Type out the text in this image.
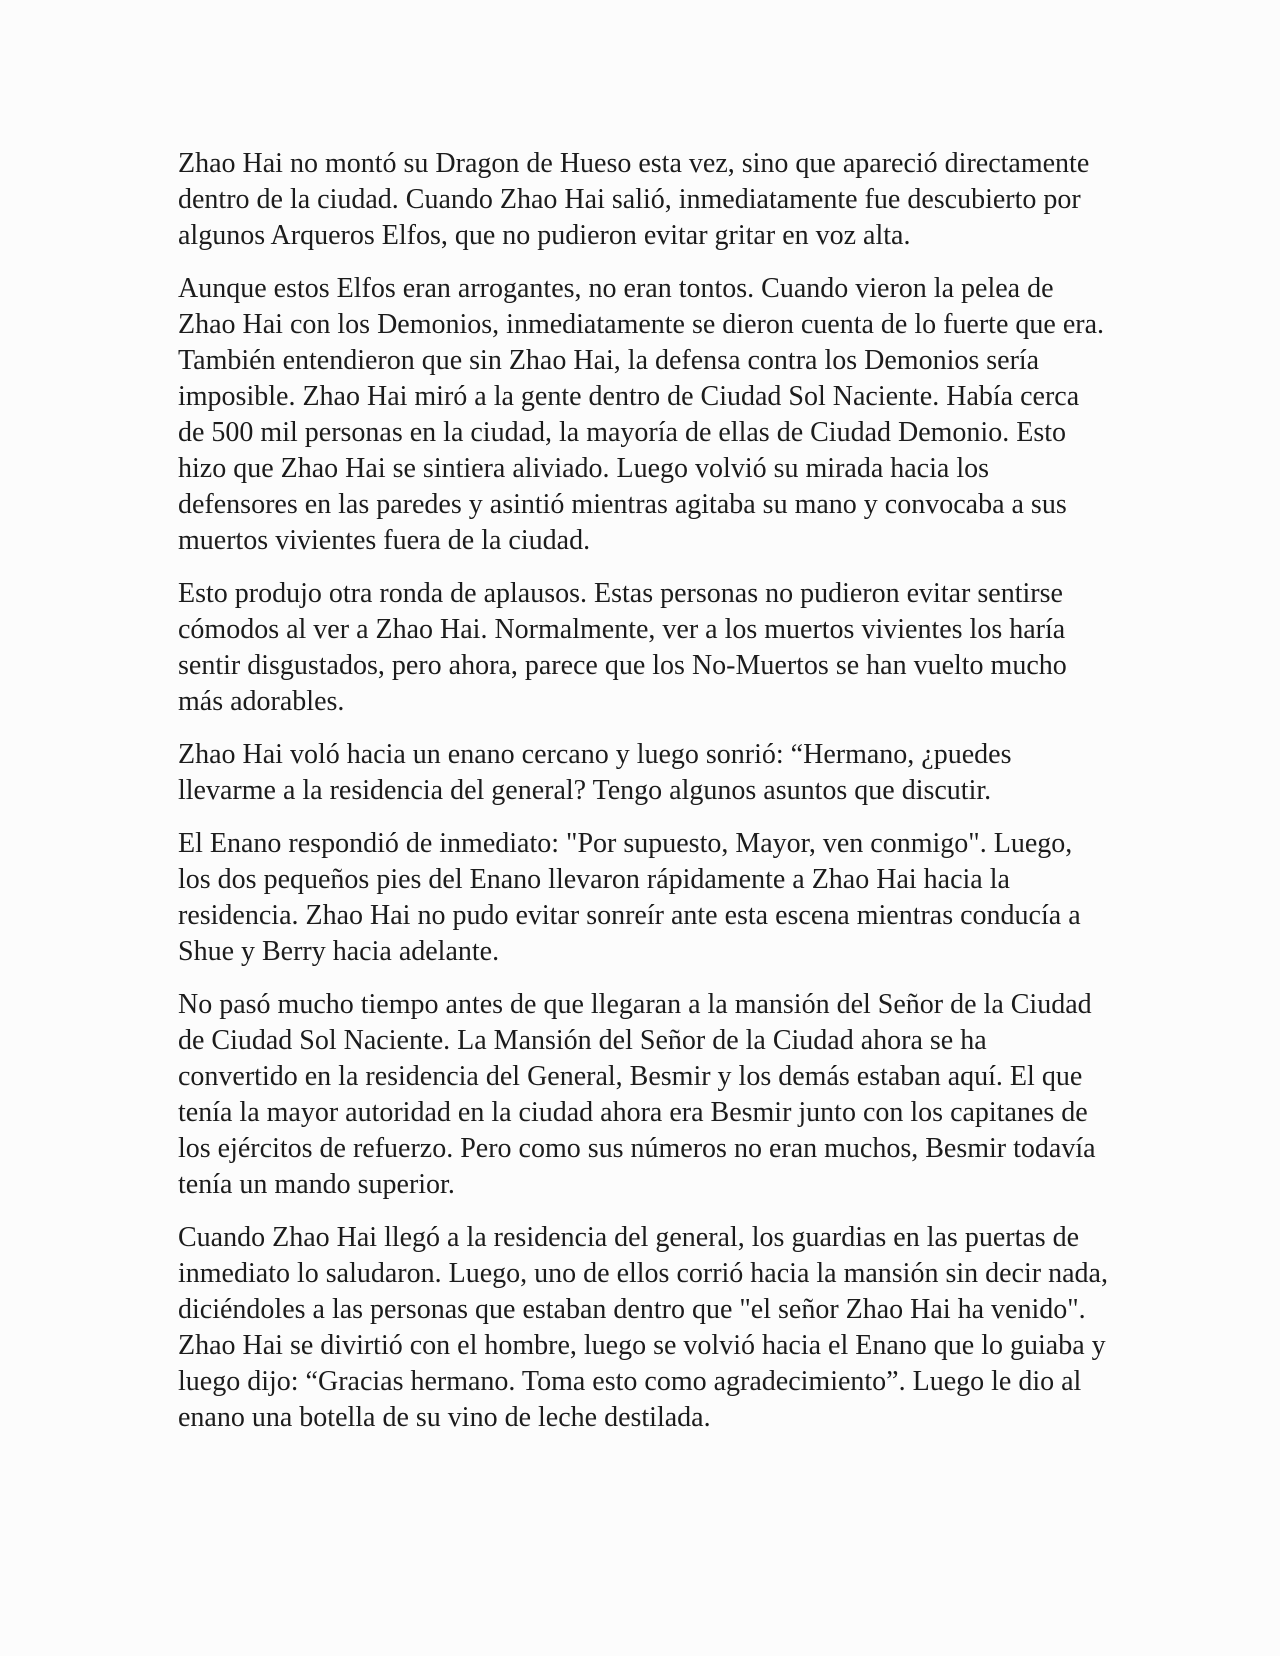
Zhao Hai no montó su Dragon de Hueso esta vez, sino que apareció directamente dentro de la ciudad. Cuando Zhao Hai salió, inmediatamente fue descubierto por algunos Arqueros Elfos, que no pudieron evitar gritar en voz alta.

Aunque estos Elfos eran arrogantes, no eran tontos. Cuando vieron la pelea de Zhao Hai con los Demonios, inmediatamente se dieron cuenta de lo fuerte que era. También entendieron que sin Zhao Hai, la defensa contra los Demonios sería imposible. Zhao Hai miró a la gente dentro de Ciudad Sol Naciente. Había cerca de 500 mil personas en la ciudad, la mayoría de ellas de Ciudad Demonio. Esto hizo que Zhao Hai se sintiera aliviado. Luego volvió su mirada hacia los defensores en las paredes y asintió mientras agitaba su mano y convocaba a sus muertos vivientes fuera de la ciudad.

Esto produjo otra ronda de aplausos. Estas personas no pudieron evitar sentirse cómodos al ver a Zhao Hai. Normalmente, ver a los muertos vivientes los haría sentir disgustados, pero ahora, parece que los No-Muertos se han vuelto mucho más adorables.

Zhao Hai voló hacia un enano cercano y luego sonrió: “Hermano, ¿puedes llevarme a la residencia del general? Tengo algunos asuntos que discutir.

El Enano respondió de inmediato: "Por supuesto, Mayor, ven conmigo". Luego, los dos pequeños pies del Enano llevaron rápidamente a Zhao Hai hacia la residencia. Zhao Hai no pudo evitar sonreír ante esta escena mientras conducía a Shue y Berry hacia adelante.

No pasó mucho tiempo antes de que llegaran a la mansión del Señor de la Ciudad de Ciudad Sol Naciente. La Mansión del Señor de la Ciudad ahora se ha convertido en la residencia del General, Besmir y los demás estaban aquí. El que tenía la mayor autoridad en la ciudad ahora era Besmir junto con los capitanes de los ejércitos de refuerzo. Pero como sus números no eran muchos, Besmir todavía tenía un mando superior.

Cuando Zhao Hai llegó a la residencia del general, los guardias en las puertas de inmediato lo saludaron. Luego, uno de ellos corrió hacia la mansión sin decir nada, diciéndoles a las personas que estaban dentro que "el señor Zhao Hai ha venido". Zhao Hai se divirtió con el hombre, luego se volvió hacia el Enano que lo guiaba y luego dijo: “Gracias hermano. Toma esto como agradecimiento”. Luego le dio al enano una botella de su vino de leche destilada.
